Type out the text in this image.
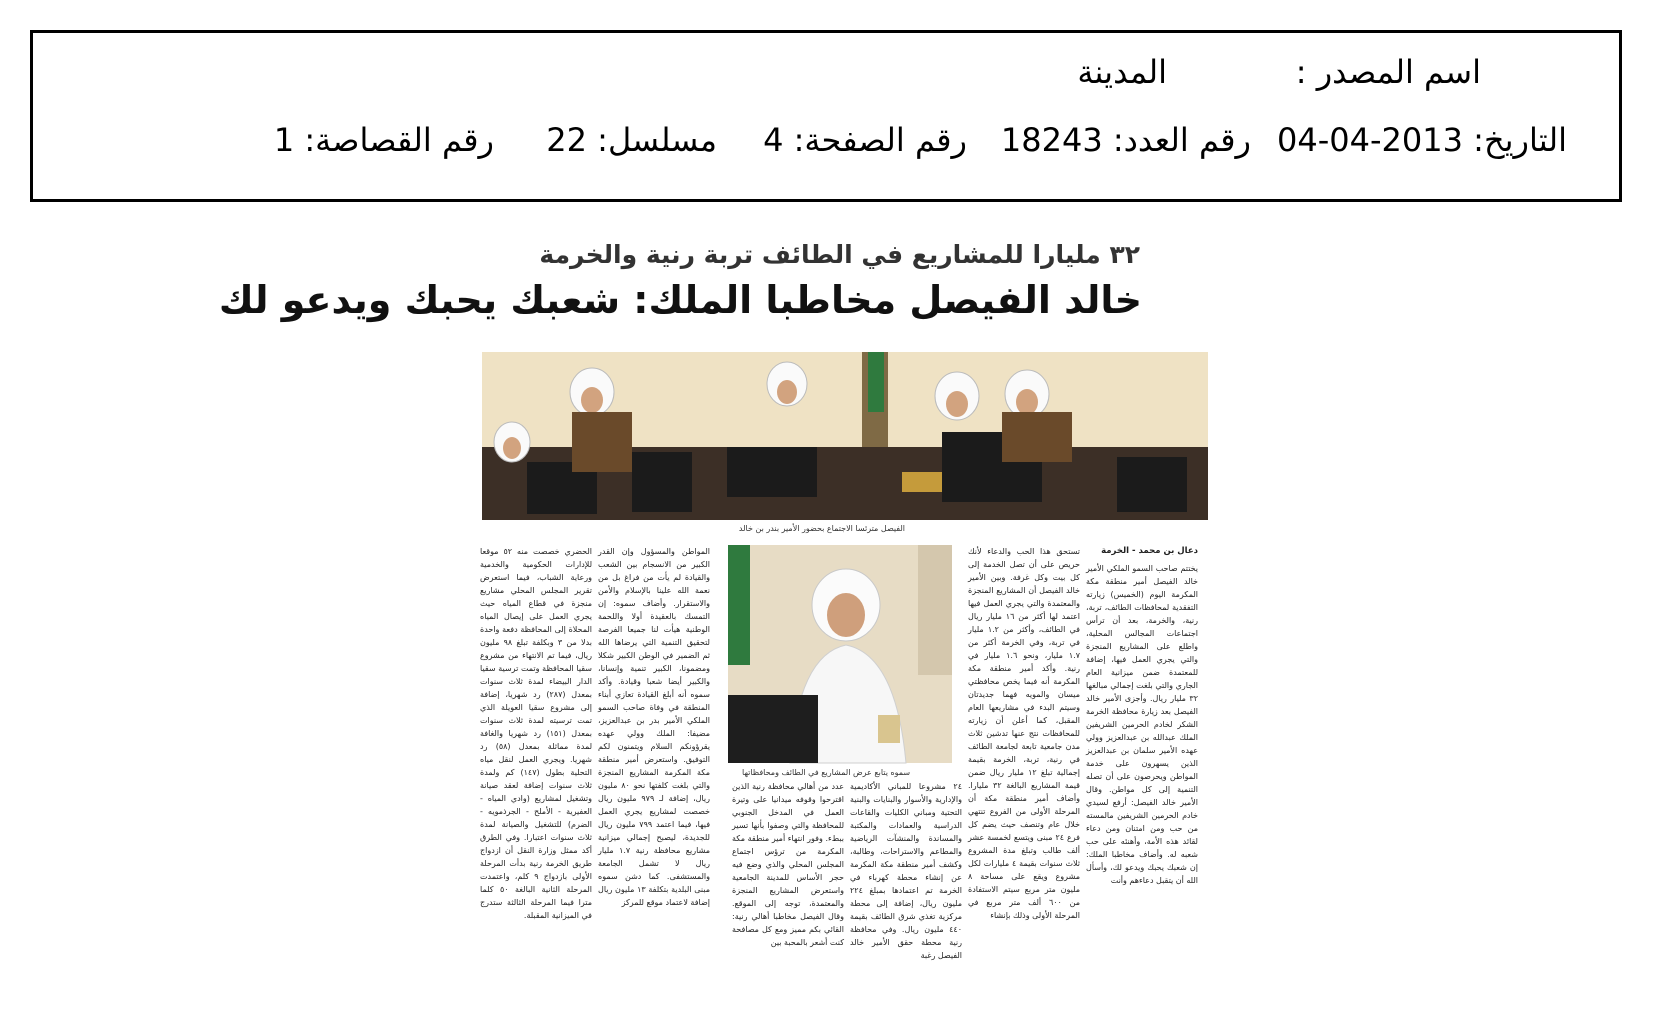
اسم المصدر :
المدينة
التاريخ: 2013-04-04
رقم العدد: 18243
رقم الصفحة: 4
مسلسل: 22
رقم القصاصة: 1
٣٢ مليارا للمشاريع في الطائف تربة رنية والخرمة
خالد الفيصل مخاطبا الملك: شعبك يحبك ويدعو لك
الفيصل مترئسا الاجتماع بحضور الأمير بندر بن خالد
دعال بن محمد - الخرمة
يختتم صاحب السمو الملكي الأمير خالد الفيصل أمير منطقة مكة المكرمة اليوم (الخميس) زيارته التفقدية لمحافظات الطائف، تربة، رنية، والخرمة، بعد أن ترأس اجتماعات المجالس المحلية، واطلع على المشاريع المنجزة والتي يجري العمل فيها، إضافة للمعتمدة ضمن ميزانية العام الجاري والتي بلغت إجمالي مبالغها ٣٢ مليار ريال. وأجزى الأمير خالد الفيصل بعد زيارة محافظة الخرمة الشكر لخادم الحرمين الشريفين الملك عبدالله بن عبدالعزيز وولي عهده الأمير سلمان بن عبدالعزيز الذين يسهرون على خدمة المواطن ويحرصون على أن تصله التنمية إلى كل مواطن. وقال الأمير خالد الفيصل: أرفع لسيدي خادم الحرمين الشريفين مالمسته من حب ومن امتنان ومن دعاء لقائد هذه الأمة، وأهنئه على حب شعبه له. وأضاف مخاطبا الملك: إن شعبك يحبك ويدعو لك، وأسأل الله أن يتقبل دعاءهم وأنت
تستحق هذا الحب والدعاء لأنك حريص على أن تصل الخدمة إلى كل بيت وكل غرفة. وبين الأمير خالد الفيصل أن المشاريع المنجزة والمعتمدة والتي يجري العمل فيها اعتمد لها أكثر من ١٦ مليار ريال في الطائف، وأكثر من ١.٢ مليار في تربة، وفي الخرمة أكثر من ١.٧ مليار، ونحو ١.٦ مليار في رنية. وأكد أمير منطقة مكة المكرمة أنه فيما يخص محافظتي ميسان والمويه فهما جديدتان وسيتم البدء في مشاريعها العام المقبل، كما أعلن أن زيارته للمحافظات نتج عنها تدشين ثلاث مدن جامعية تابعة لجامعة الطائف في رنية، تربة، الخرمة بقيمة إجمالية تبلغ ١٢ مليار ريال ضمن قيمة المشاريع البالغة ٣٢ مليارا. وأضاف أمير منطقة مكة أن المرحلة الأولى من الفروع تنتهي خلال عام وتنصف حيث يضم كل فرع ٢٤ مبنى ويتسع لخمسة عشر ألف طالب وتبلغ مدة المشروع ثلاث سنوات بقيمة ٤ مليارات لكل مشروع ويقع على مساحة ٨ مليون متر مربع سيتم الاستفادة من ٦٠٠ ألف متر مربع في المرحلة الأولى وذلك بإنشاء
سموه يتابع عرض المشاريع في الطائف ومحافظاتها
٢٤ مشروعا للمباني الأكاديمية والإدارية والأسوار والبنايات والبنية التحتية ومباني الكليات والقاعات الدراسية والعمادات والمكتبة والمساندة والمنشآت الرياضية والمطاعم والاستراحات، وطالبة، وكشف أمير منطقة مكة المكرمة عن إنشاء محطة كهرباء في الخرمة تم اعتمادها بمبلغ ٢٢٤ مليون ريال، إضافة إلى محطة مركزية تغذي شرق الطائف بقيمة ٤٤٠ مليون ريال. وفي محافظة رنية محطة حقق الأمير خالد الفيصل رغبة
عدد من أهالي محافظة رنية الذين اقترحوا وقوفه ميدانيا على وتيرة العمل في المدخل الجنوبي للمحافظة والتي وصفوا بأنها تسير ببطء. وفور انتهاء أمير منطقة مكة المكرمة من ترؤس اجتماع المجلس المحلي والذي وضع فيه حجر الأساس للمدينة الجامعية واستعرض المشاريع المنجزة والمعتمدة، توجه إلى الموقع. وقال الفيصل مخاطبا أهالي رنية: القائي بكم مميز ومع كل مصافحة كنت أشعر بالمحبة بين
المواطن والمسؤول وإن القدر الكبير من الانسجام بين الشعب والقيادة لم يأت من فراغ بل من نعمة الله علينا بالإسلام والأمن والاستقرار. وأضاف سموه: إن التمسك بالعقيدة أولا واللحمة الوطنية هيأت لنا جميعا الفرصة لتحقيق التنمية التي يرضاها الله ثم الضمير في الوطن الكبير شكلا ومضمونا، الكبير تنمية وإنسانا، والكبير أيضا شعبا وقيادة. وأكد سموه أنه أبلغ القيادة تعازي أبناء المنطقة في وفاة صاحب السمو الملكي الأمير بدر بن عبدالعزيز، مضيفا: الملك وولي عهده يقرؤونكم السلام ويتمنون لكم التوفيق. واستعرض أمير منطقة مكة المكرمة المشاريع المنجزة والتي بلغت كلفتها نحو ٨٠ مليون ريال، إضافة لـ ٩٧٩ مليون ريال خصصت لمشاريع يجري العمل فيها، فيما اعتمد ٧٩٩ مليون ريال للجديدة، ليصبح إجمالي ميزانية مشاريع محافظة رنية ١.٧ مليار ريال لا تشمل الجامعة والمستشفى. كما دشن سموه مبنى البلدية بتكلفة ١٣ مليون ريال إضافة لاعتماد موقع للمركز
الحضري خصصت منه ٥٢ موقعا للإدارات الحكومية والخدمية ورعاية الشباب، فيما استعرض تقرير المجلس المحلي مشاريع منجزة في قطاع المياه حيث يجري العمل على إيصال المياه المحلاة إلى المحافظة دفعة واحدة بدلا من ٣ وبكلفة تبلغ ٩٨ مليون ريال، فيما تم الانتهاء من مشروع سقيا المحافظة وتمت ترسية سقيا الدار البيضاء لمدة ثلاث سنوات بمعدل (٢٨٧) رد شهريا، إضافة إلى مشروع سقيا العويلة الذي تمت ترسيته لمدة ثلاث سنوات بمعدل (١٥١) رد شهريا والغافة لمدة مماثلة بمعدل (٥٨) رد شهريا. ويجري العمل لنقل مياه التحلية بطول (١٤٧) كم ولمدة ثلاث سنوات إضافة لعقد صيانة وتشغيل لمشاريع (وادي المياه - العفيرية - الأملح - الجرذمويه - الضرم) للتشغيل والصيانة لمدة ثلاث سنوات اعتبارا. وفي الطرق أكد ممثل وزارة النقل أن ازدواج طريق الخرمة رنية بدأت المرحلة الأولى بازدواج ٩ كلم، واعتمدت المرحلة الثانية البالغة ٥٠ كلما مترا فيما المرحلة الثالثة ستدرج في الميزانية المقبلة.
